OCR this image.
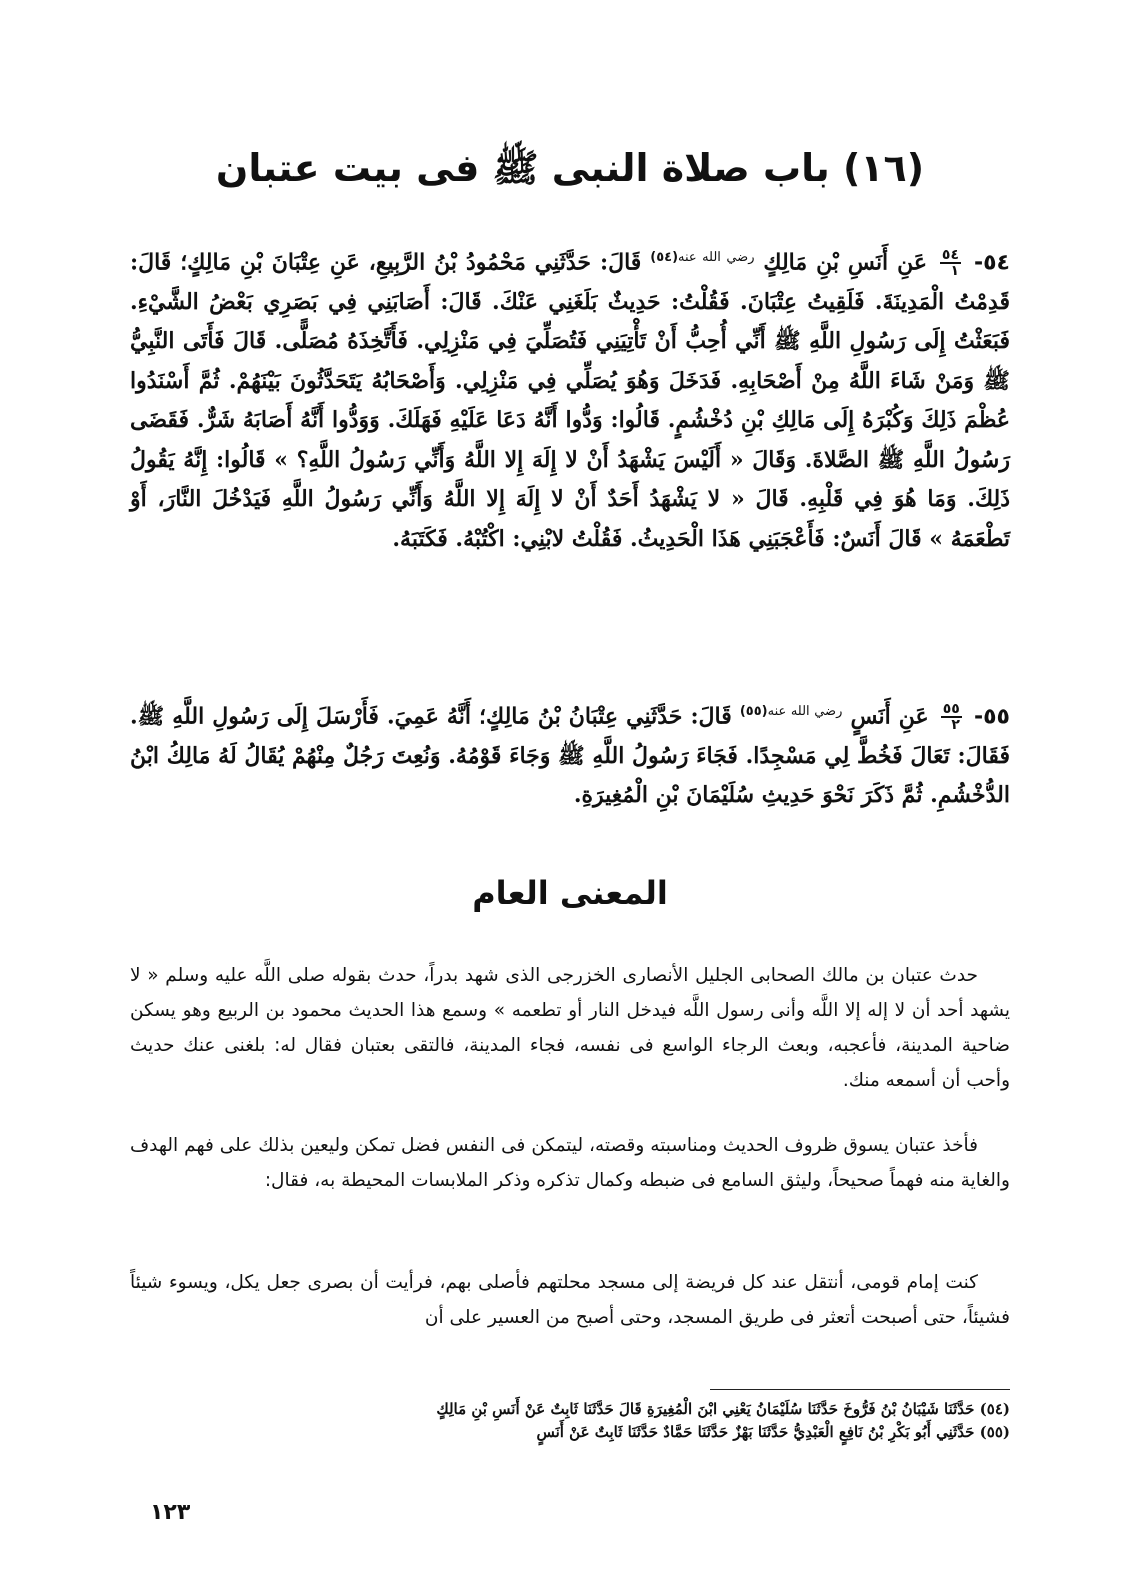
(١٦) باب صلاة النبى ﷺ فى بيت عتبان

٥٤-
$\frac{٥٤}{١}$
عَنِ أَنَسِ بْنِ مَالِكٍ $^{رضي الله عنه(٥٤)}$ قَالَ: حَدَّثَنِي مَحْمُودُ بْنُ الرَّبِيعِ، عَنِ عِتْبَانَ بْنِ مَالِكٍ؛ قَالَ: قَدِمْتُ الْمَدِينَةَ. فَلَقِيتُ عِتْبَانَ. فَقُلْتُ: حَدِيثٌ بَلَغَنِي عَنْكَ. قَالَ: أَصَابَنِي فِي بَصَرِي بَعْضُ الشَّيْءِ. فَبَعَثْتُ إِلَى رَسُولِ اللَّهِ ﷺ أَنِّي أُحِبُّ أَنْ تَأْتِيَنِي فَتُصَلِّيَ فِي مَنْزِلِي. فَأَتَّخِذَهُ مُصَلًّى. قَالَ فَأَتَى النَّبِيُّ ﷺ وَمَنْ شَاءَ اللَّهُ مِنْ أَصْحَابِهِ. فَدَخَلَ وَهُوَ يُصَلِّي فِي مَنْزِلِي. وَأَصْحَابُهُ يَتَحَدَّثُونَ بَيْنَهُمْ. ثُمَّ أَسْنَدُوا عُظْمَ ذَلِكَ وَكُبْرَهُ إِلَى مَالِكِ بْنِ دُخْشُمٍ. قَالُوا: وَدُّوا أَنَّهُ دَعَا عَلَيْهِ فَهَلَكَ. وَوَدُّوا أَنَّهُ أَصَابَهُ شَرٌّ. فَقَضَى رَسُولُ اللَّهِ ﷺ الصَّلاةَ. وَقَالَ « أَلَيْسَ يَشْهَدُ أَنْ لا إِلَهَ إِلا اللَّهُ وَأَنِّي رَسُولُ اللَّهِ؟ » قَالُوا: إِنَّهُ يَقُولُ ذَلِكَ. وَمَا هُوَ فِي قَلْبِهِ. قَالَ « لا يَشْهَدُ أَحَدٌ أَنْ لا إِلَهَ إِلا اللَّهُ وَأَنِّي رَسُولُ اللَّهِ فَيَدْخُلَ النَّارَ، أَوْ تَطْعَمَهُ » قَالَ أَنَسٌ: فَأَعْجَبَنِي هَذَا الْحَدِيثُ. فَقُلْتُ لابْنِي: اكْتُبْهُ. فَكَتَبَهُ.

٥٥-
$\frac{٥٥}{٢}$
عَنِ أَنَسٍ $^{رضي الله عنه(٥٥)}$ قَالَ: حَدَّثَنِي عِتْبَانُ بْنُ مَالِكٍ؛ أَنَّهُ عَمِيَ. فَأَرْسَلَ إِلَى رَسُولِ اللَّهِ ﷺ. فَقَالَ: تَعَالَ فَخُطَّ لِي مَسْجِدًا. فَجَاءَ رَسُولُ اللَّهِ ﷺ وَجَاءَ قَوْمُهُ. وَنُعِتَ رَجُلٌ مِنْهُمْ يُقَالُ لَهُ مَالِكُ ابْنُ الدُّخْشُمِ. ثُمَّ ذَكَرَ نَحْوَ حَدِيثِ سُلَيْمَانَ بْنِ الْمُغِيرَةِ.

المعنى العام

حدث عتبان بن مالك الصحابى الجليل الأنصارى الخزرجى الذى شهد بدراً، حدث بقوله صلى اللَّه عليه وسلم « لا يشهد أحد أن لا إله إلا اللَّه وأنى رسول اللَّه فيدخل النار أو تطعمه » وسمع هذا الحديث محمود بن الربيع وهو يسكن ضاحية المدينة، فأعجبه، وبعث الرجاء الواسع فى نفسه، فجاء المدينة، فالتقى بعتبان فقال له: بلغنى عنك حديث وأحب أن أسمعه منك.

فأخذ عتبان يسوق ظروف الحديث ومناسبته وقصته، ليتمكن فى النفس فضل تمكن وليعين بذلك على فهم الهدف والغاية منه فهماً صحيحاً، وليثق السامع فى ضبطه وكمال تذكره وذكر الملابسات المحيطة به، فقال:

كنت إمام قومى، أنتقل عند كل فريضة إلى مسجد محلتهم فأصلى بهم، فرأيت أن بصرى جعل يكل، ويسوء شيئاً فشيئاً، حتى أصبحت أتعثر فى طريق المسجد، وحتى أصبح من العسير على أن

(٥٤) حَدَّثَنَا شَيْبَانُ بْنُ فَرُّوخَ حَدَّثَنَا سُلَيْمَانُ يَعْنِي ابْنَ الْمُغِيرَةِ قَالَ حَدَّثَنَا ثَابِتٌ عَنْ أَنَسِ بْنِ مَالِكٍ
(٥٥) حَدَّثَنِي أَبُو بَكْرِ بْنُ نَافِعٍ الْعَبْدِيُّ حَدَّثَنَا بَهْزٌ حَدَّثَنَا حَمَّادٌ حَدَّثَنَا ثَابِتٌ عَنْ أَنَسٍ
١٢٣
